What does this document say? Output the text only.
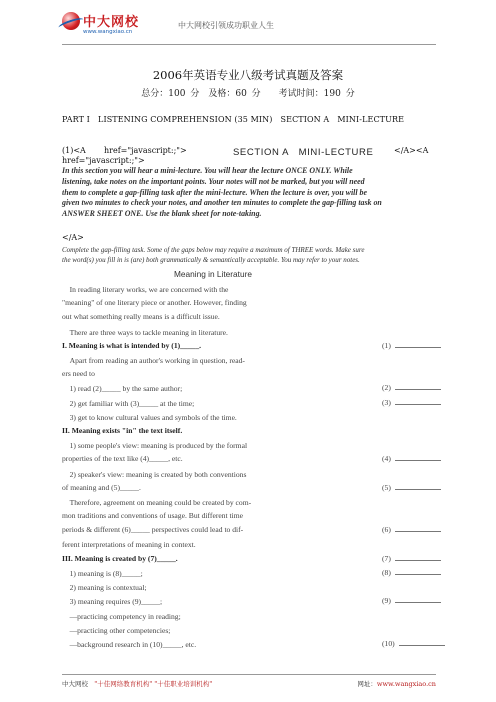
中大网校
www.wangxiao.cn
中大网校引领成功职业人生
2006年英语专业八级考试真题及答案
总分：100 分　及格：60 分　　考试时间：190 分
PART I　LISTENING COMPREHENSION (35 MIN)　SECTION A　MINI-LECTURE
(1)<A href="javascript:;">	</A><A
SECTION A　MINI-LECTURE
href="javascript:;">
In this section you will hear a mini-lecture. You will hear the lecture ONCE ONLY. While
listening, take notes on the important points. Your notes will not be marked, but you will need
them to complete a gap-filling task after the mini-lecture. When the lecture is over, you will be
given two minutes to check your notes, and another ten minutes to complete the gap-filling task on
ANSWER SHEET ONE. Use the blank sheet for note-taking.
</A>
Complete the gap-filling task. Some of the gaps below may require a maximum of THREE words. Make sure
the word(s) you fill in is (are) both grammatically & semantically acceptable. You may refer to your notes.
Meaning in Literature
　In reading literary works, we are concerned with the
"meaning" of one literary piece or another. However, finding
out what something really means is a difficult issue.
　There are three ways to tackle meaning in literature.
I. Meaning is what is intended by (1)_____.	(1)
　Apart from reading an author's working in question, read-
ers need to
　1) read (2)_____ by the same author;	(2)
　2) get familiar with (3)_____ at the time;	(3)
　3) get to know cultural values and symbols of the time.
II. Meaning exists "in" the text itself.
　1) some people's view: meaning is produced by the formal
properties of the text like (4)_____, etc.	(4)
　2) speaker's view: meaning is created by both conventions
of meaning and (5)_____.	(5)
　Therefore, agreement on meaning could be created by com-
mon traditions and conventions of usage. But different time
periods & different (6)_____ perspectives could lead to dif-	(6)
ferent interpretations of meaning in context.
III. Meaning is created by (7)_____.	(7)
　1) meaning is (8)_____;	(8)
　2) meaning is contextual;
　3) meaning requires (9)_____;	(9)
　—practicing competency in reading;
　—practicing other competencies;
　—background research in (10)_____, etc.	(10)
中大网校 "十佳网络教育机构" "十佳职业培训机构"	网址：www.wangxiao.cn
